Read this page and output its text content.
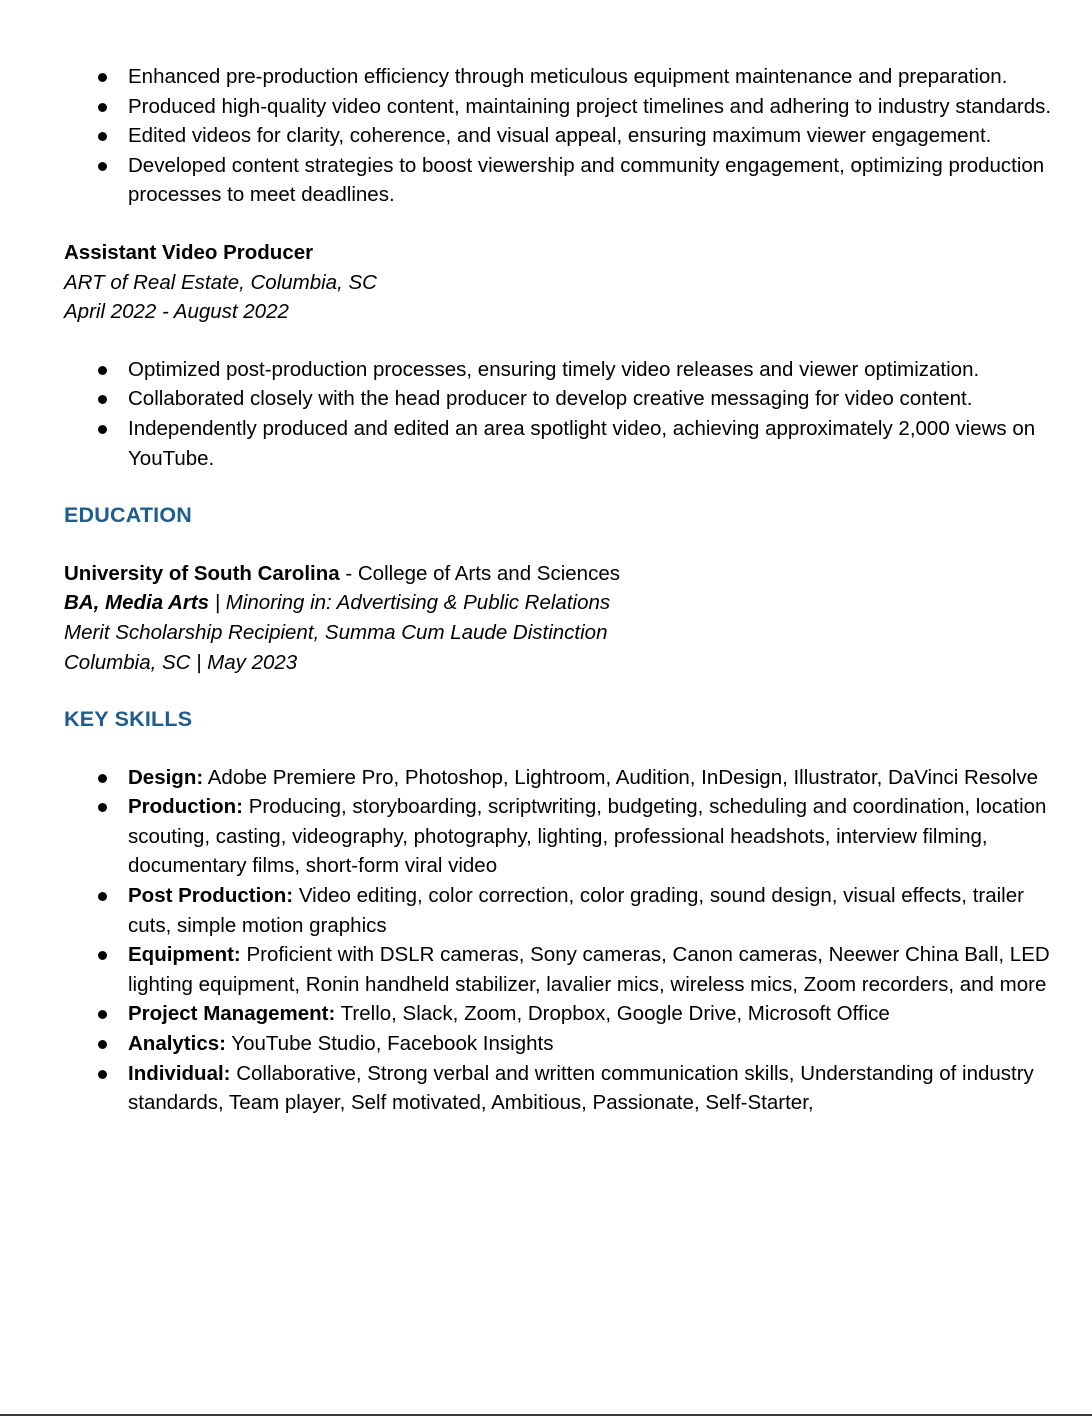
Enhanced pre-production efficiency through meticulous equipment maintenance and preparation.
Produced high-quality video content, maintaining project timelines and adhering to industry standards.
Edited videos for clarity, coherence, and visual appeal, ensuring maximum viewer engagement.
Developed content strategies to boost viewership and community engagement, optimizing production processes to meet deadlines.
Assistant Video Producer
ART of Real Estate, Columbia, SC
April 2022 - August 2022
Optimized post-production processes, ensuring timely video releases and viewer optimization.
Collaborated closely with the head producer to develop creative messaging for video content.
Independently produced and edited an area spotlight video, achieving approximately 2,000 views on YouTube.
EDUCATION
University of South Carolina - College of Arts and Sciences
BA, Media Arts | Minoring in: Advertising & Public Relations
Merit Scholarship Recipient, Summa Cum Laude Distinction
Columbia, SC | May 2023
KEY SKILLS
Design: Adobe Premiere Pro, Photoshop, Lightroom, Audition, InDesign, Illustrator, DaVinci Resolve
Production: Producing, storyboarding, scriptwriting, budgeting, scheduling and coordination, location scouting, casting, videography, photography, lighting, professional headshots, interview filming, documentary films, short-form viral video
Post Production: Video editing, color correction, color grading, sound design, visual effects, trailer cuts, simple motion graphics
Equipment: Proficient with DSLR cameras, Sony cameras, Canon cameras, Neewer China Ball, LED lighting equipment, Ronin handheld stabilizer, lavalier mics, wireless mics, Zoom recorders, and more
Project Management: Trello, Slack, Zoom, Dropbox, Google Drive, Microsoft Office
Analytics: YouTube Studio, Facebook Insights
Individual: Collaborative, Strong verbal and written communication skills, Understanding of industry standards, Team player, Self motivated, Ambitious, Passionate, Self-Starter,
